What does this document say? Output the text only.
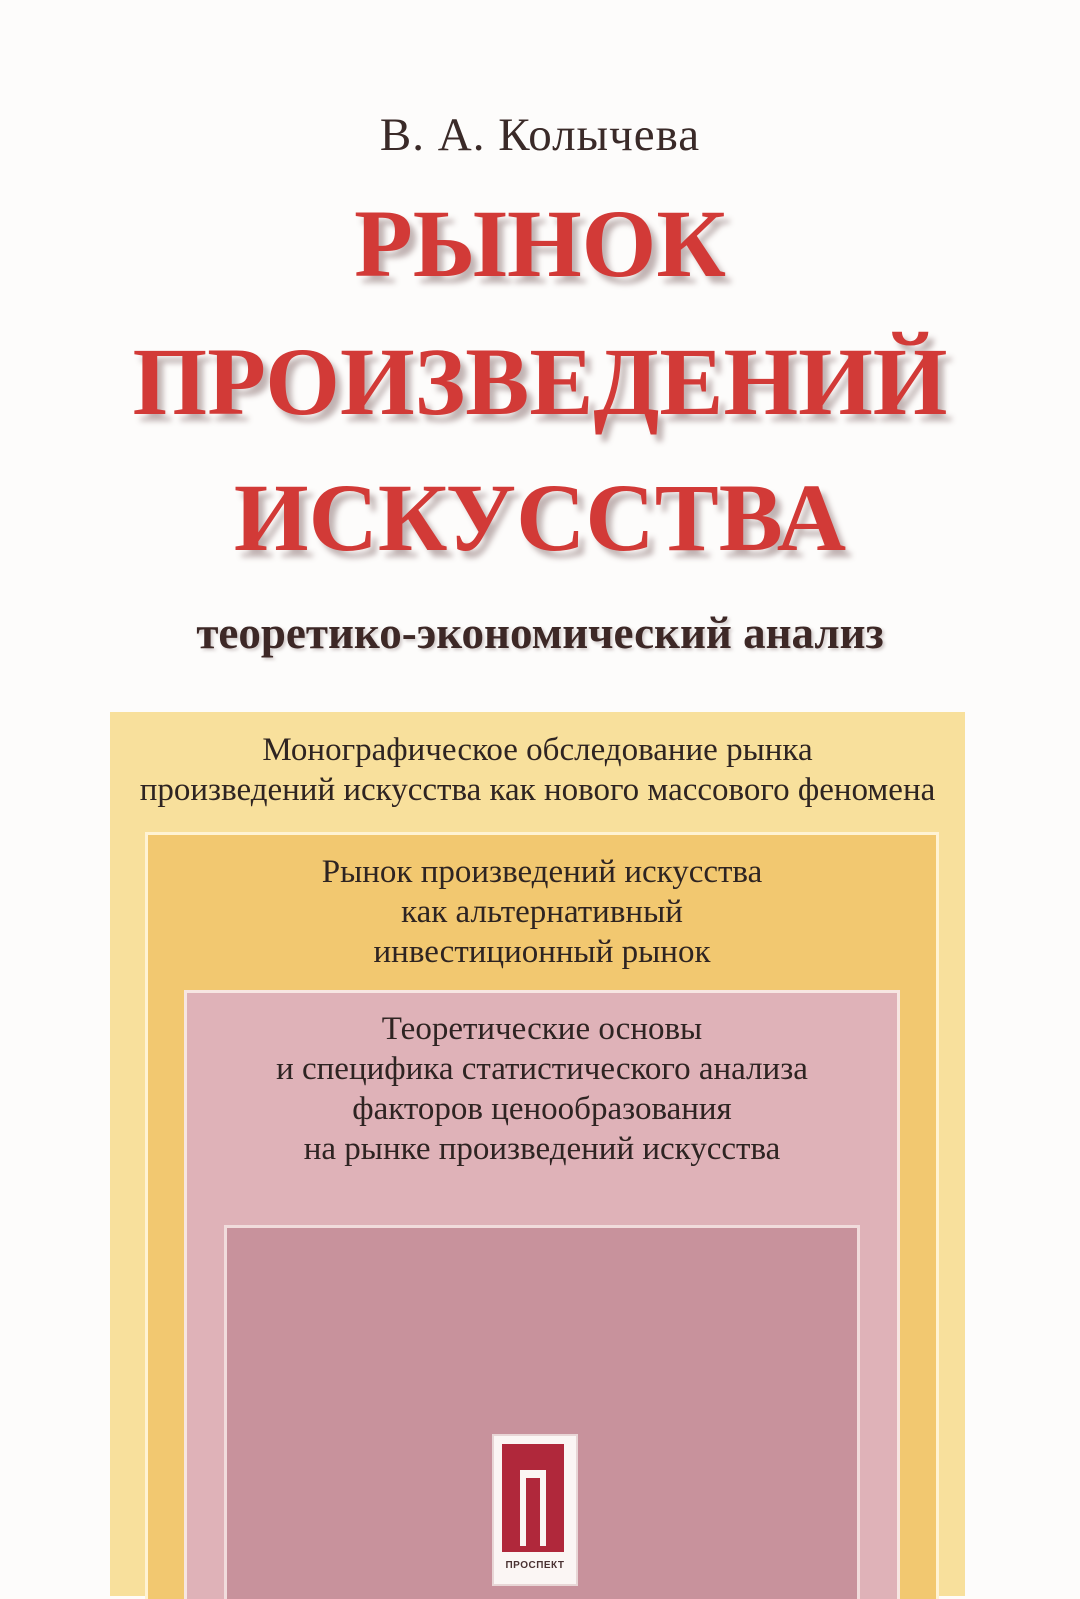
В. А. Колычева
РЫНОК
ПРОИЗВЕДЕНИЙ
ИСКУССТВА
теоретико-экономический анализ
Монографическое обследование рынка
произведений искусства как нового массового феномена
Рынок произведений искусства
как альтернативный
инвестиционный рынок
Теоретические основы
и специфика статистического анализа
факторов ценообразования
на рынке произведений искусства
ПРОСПЕКТ
